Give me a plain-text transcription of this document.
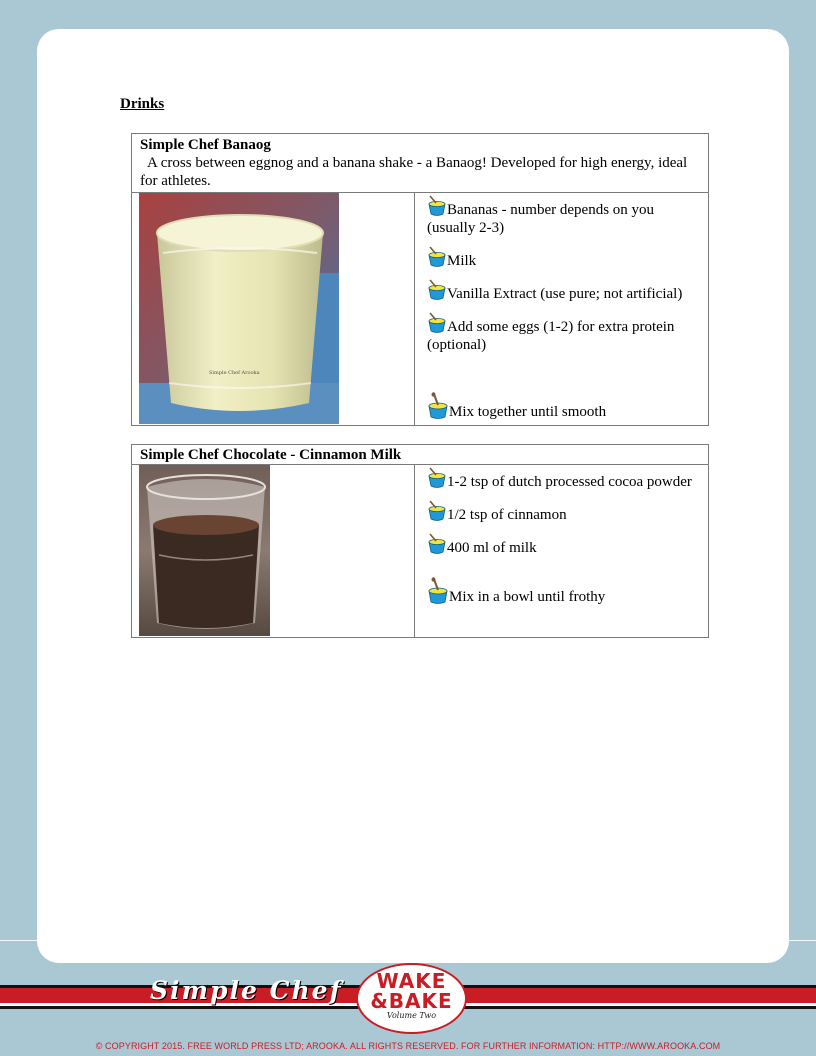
Drinks
Simple Chef Banaog
A cross between eggnog and a banana shake - a Banaog! Developed for high energy, ideal for athletes.

Simple Chef Arooka

Bananas - number depends on you (usually 2-3)
Milk
Vanilla Extract (use pure; not artificial)
Add some eggs (1-2) for extra protein (optional)
Mix together until smooth
Simple Chef Chocolate - Cinnamon Milk

1-2 tsp of dutch processed cocoa powder
1/2 tsp of cinnamon
400 ml of milk
Mix in a bowl until frothy
Simple Chef	WAKE
&BAKE
Volume Two
© COPYRIGHT 2015. FREE WORLD PRESS LTD; AROOKA. ALL RIGHTS RESERVED. FOR FURTHER INFORMATION: HTTP://WWW.AROOKA.COM
